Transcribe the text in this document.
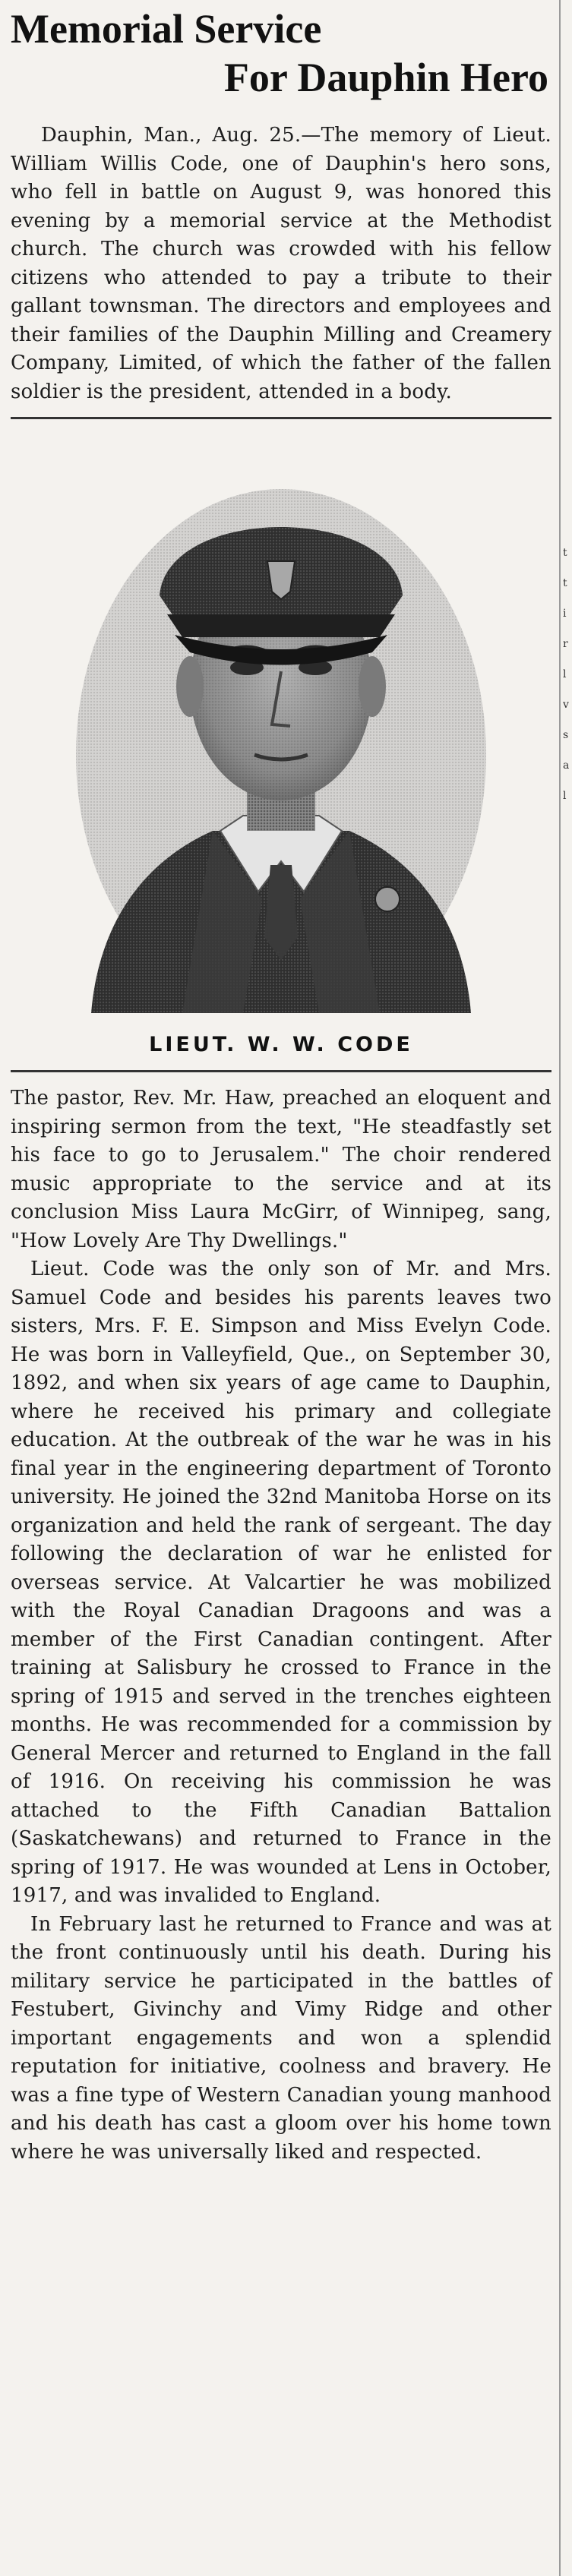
Memorial Service
For Dauphin Hero

Dauphin, Man., Aug. 25.—The memory of Lieut. William Willis Code, one of Dauphin's hero sons, who fell in battle on August 9, was honored this evening by a memorial service at the Methodist church. The church was crowded with his fellow citizens who attended to pay a tribute to their gallant townsman. The directors and employees and their families of the Dauphin Milling and Creamery Company, Limited, of which the father of the fallen soldier is the president, attended in a body.

LIEUT. W. W. CODE

The pastor, Rev. Mr. Haw, preached an eloquent and inspiring sermon from the text, "He steadfastly set his face to go to Jerusalem." The choir rendered music appropriate to the service and at its conclusion Miss Laura McGirr, of Winnipeg, sang, "How Lovely Are Thy Dwellings."

Lieut. Code was the only son of Mr. and Mrs. Samuel Code and besides his parents leaves two sisters, Mrs. F. E. Simpson and Miss Evelyn Code. He was born in Valleyfield, Que., on September 30, 1892, and when six years of age came to Dauphin, where he received his primary and collegiate education. At the outbreak of the war he was in his final year in the engineering department of Toronto university. He joined the 32nd Manitoba Horse on its organization and held the rank of sergeant. The day following the declaration of war he enlisted for overseas service. At Valcartier he was mobilized with the Royal Canadian Dragoons and was a member of the First Canadian contingent. After training at Salisbury he crossed to France in the spring of 1915 and served in the trenches eighteen months. He was recommended for a commission by General Mercer and returned to England in the fall of 1916. On receiving his commission he was attached to the Fifth Canadian Battalion (Saskatchewans) and returned to France in the spring of 1917. He was wounded at Lens in October, 1917, and was invalided to England.

In February last he returned to France and was at the front continuously until his death. During his military service he participated in the battles of Festubert, Givinchy and Vimy Ridge and other important engagements and won a splendid reputation for initiative, coolness and bravery. He was a fine type of Western Canadian young manhood and his death has cast a gloom over his home town where he was universally liked and respected.

t
t
i
r
l
v
s
a
l
